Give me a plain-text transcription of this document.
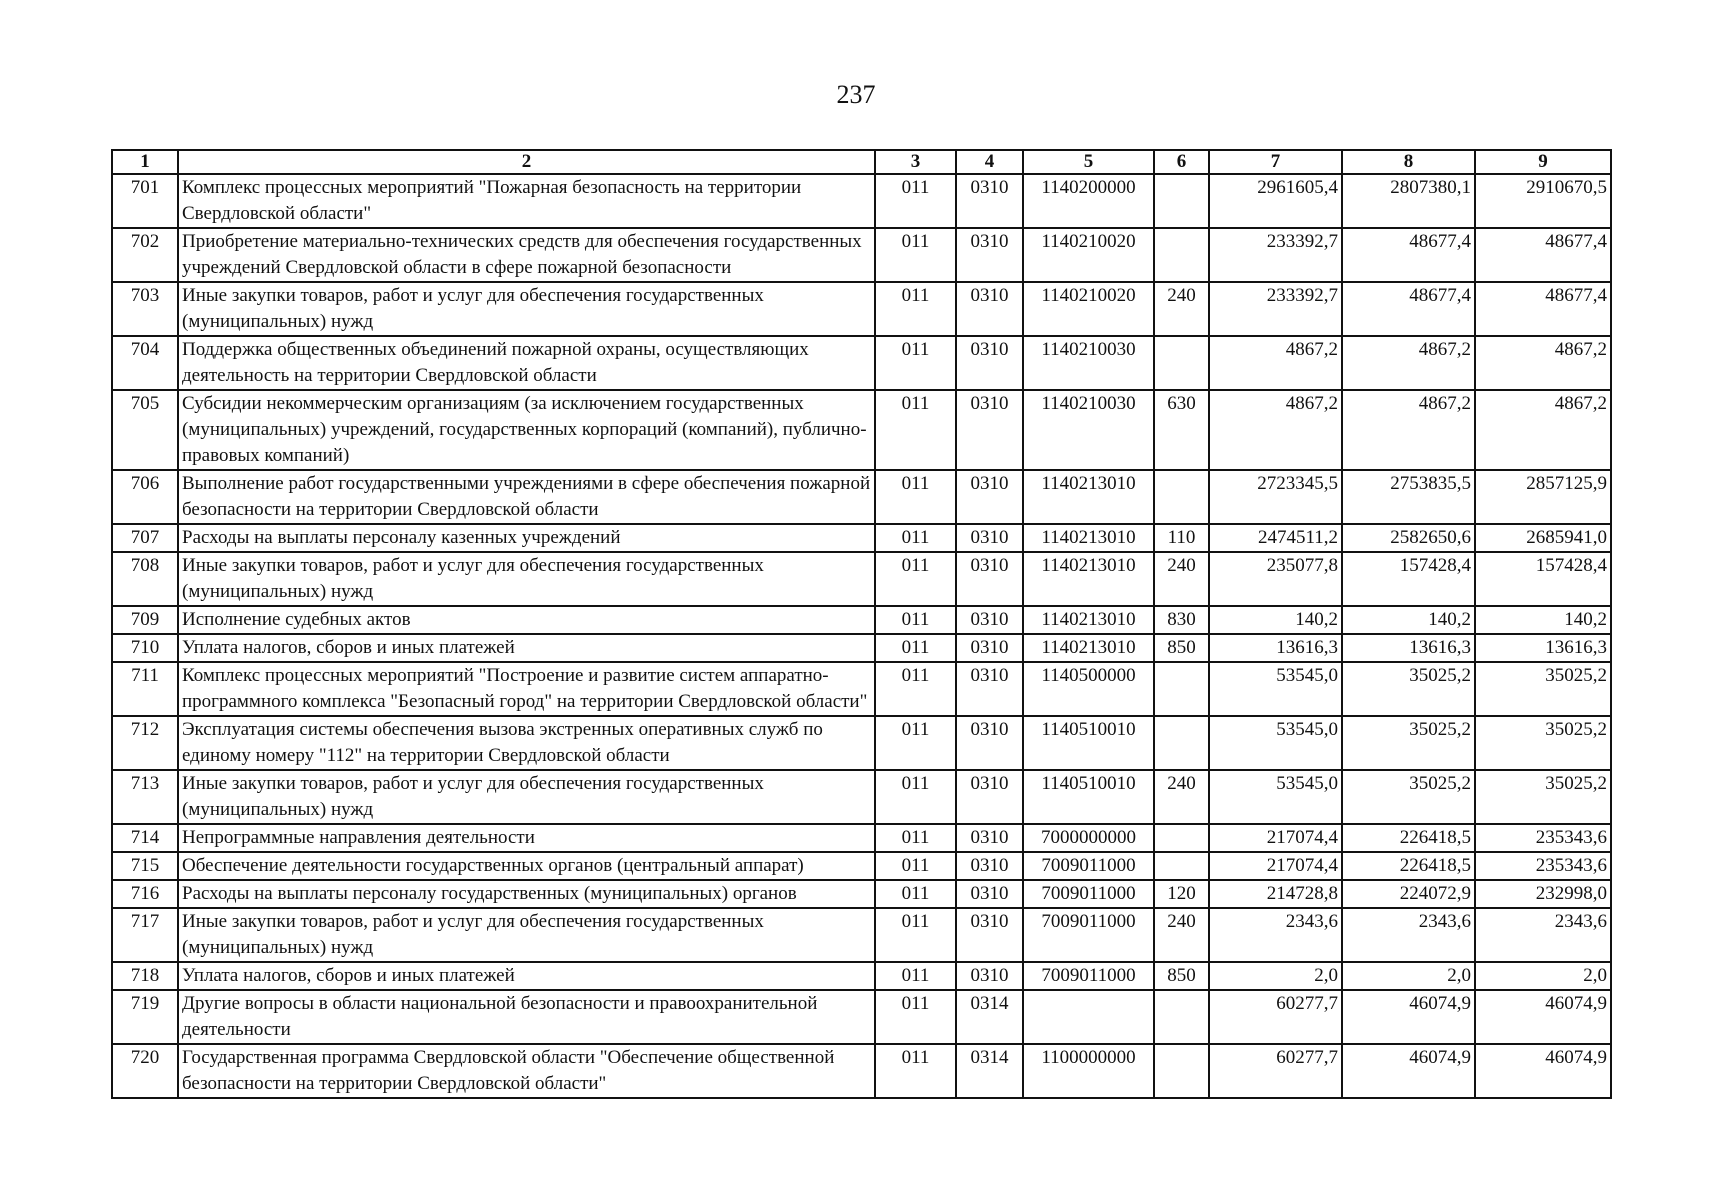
237
1	2	3	4	5	6	7	8	9
701	Комплекс процессных мероприятий "Пожарная безопасность на территории Свердловской области"	011	0310	1140200000		2961605,4	2807380,1	2910670,5
702	Приобретение материально-технических средств для обеспечения государственных учреждений Свердловской области в сфере пожарной безопасности	011	0310	1140210020		233392,7	48677,4	48677,4
703	Иные закупки товаров, работ и услуг для обеспечения государственных (муниципальных) нужд	011	0310	1140210020	240	233392,7	48677,4	48677,4
704	Поддержка общественных объединений пожарной охраны, осуществляющих деятельность на территории Свердловской области	011	0310	1140210030		4867,2	4867,2	4867,2
705	Субсидии некоммерческим организациям (за исключением государственных (муниципальных) учреждений, государственных корпораций (компаний), публично-правовых компаний)	011	0310	1140210030	630	4867,2	4867,2	4867,2
706	Выполнение работ государственными учреждениями в сфере обеспечения пожарной безопасности на территории Свердловской области	011	0310	1140213010		2723345,5	2753835,5	2857125,9
707	Расходы на выплаты персоналу казенных учреждений	011	0310	1140213010	110	2474511,2	2582650,6	2685941,0
708	Иные закупки товаров, работ и услуг для обеспечения государственных (муниципальных) нужд	011	0310	1140213010	240	235077,8	157428,4	157428,4
709	Исполнение судебных актов	011	0310	1140213010	830	140,2	140,2	140,2
710	Уплата налогов, сборов и иных платежей	011	0310	1140213010	850	13616,3	13616,3	13616,3
711	Комплекс процессных мероприятий "Построение и развитие систем аппаратно-программного комплекса "Безопасный город" на территории Свердловской области"	011	0310	1140500000		53545,0	35025,2	35025,2
712	Эксплуатация системы обеспечения вызова экстренных оперативных служб по единому номеру "112" на территории Свердловской области	011	0310	1140510010		53545,0	35025,2	35025,2
713	Иные закупки товаров, работ и услуг для обеспечения государственных (муниципальных) нужд	011	0310	1140510010	240	53545,0	35025,2	35025,2
714	Непрограммные направления деятельности	011	0310	7000000000		217074,4	226418,5	235343,6
715	Обеспечение деятельности государственных органов (центральный аппарат)	011	0310	7009011000		217074,4	226418,5	235343,6
716	Расходы на выплаты персоналу государственных (муниципальных) органов	011	0310	7009011000	120	214728,8	224072,9	232998,0
717	Иные закупки товаров, работ и услуг для обеспечения государственных (муниципальных) нужд	011	0310	7009011000	240	2343,6	2343,6	2343,6
718	Уплата налогов, сборов и иных платежей	011	0310	7009011000	850	2,0	2,0	2,0
719	Другие вопросы в области национальной безопасности и правоохранительной деятельности	011	0314			60277,7	46074,9	46074,9
720	Государственная программа Свердловской области "Обеспечение общественной безопасности на территории Свердловской области"	011	0314	1100000000		60277,7	46074,9	46074,9
